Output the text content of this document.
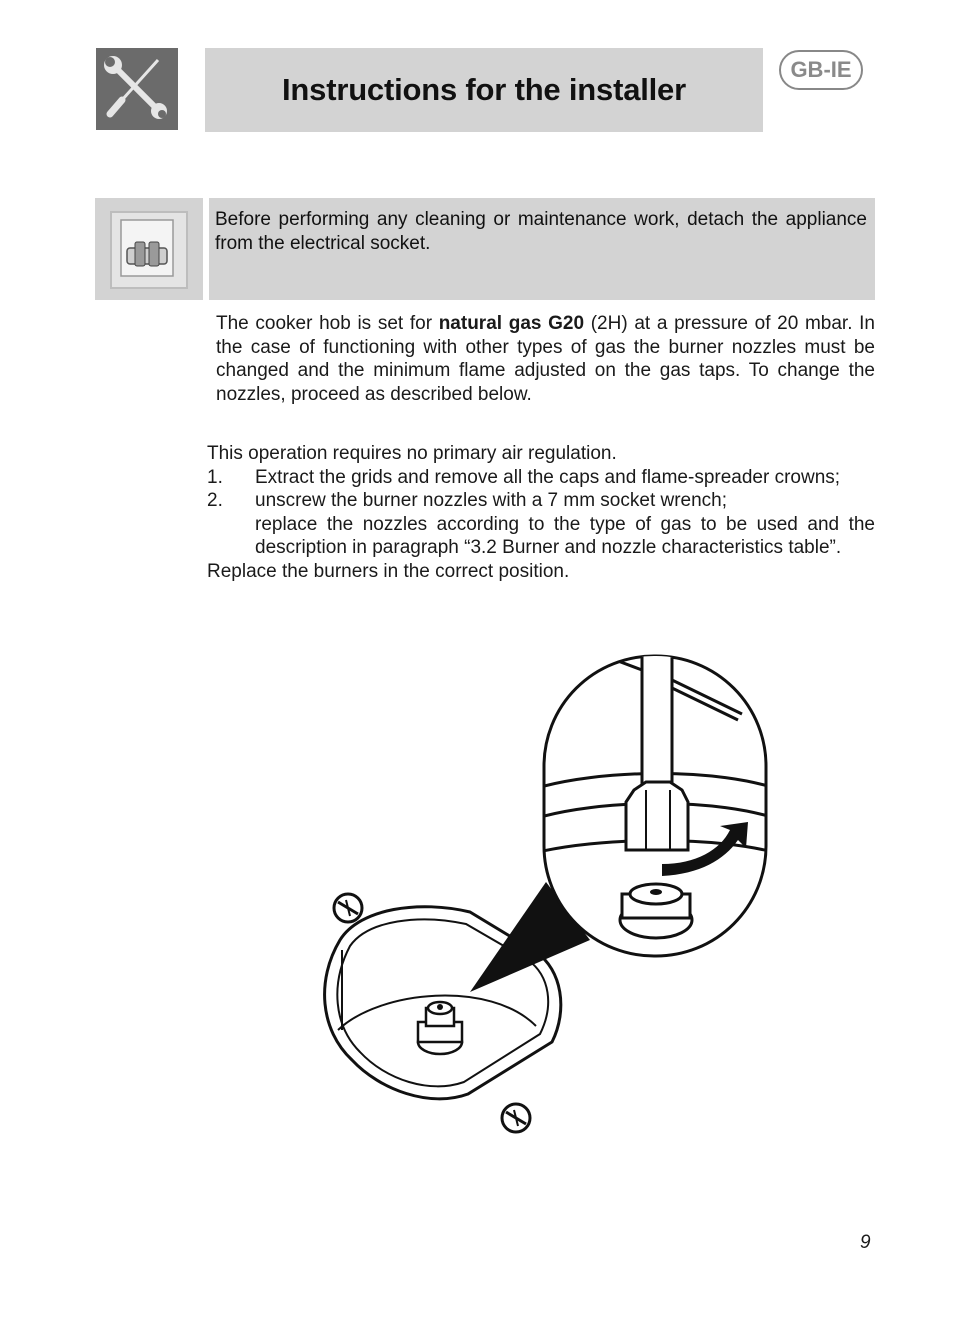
Instructions for the installer
GB-IE

Before performing any cleaning or maintenance work, detach the appliance from the electrical socket.

The cooker hob is set for natural gas G20 (2H) at a pressure of 20 mbar. In the case of functioning with other types of gas the burner nozzles must be changed and the minimum flame adjusted on the gas taps. To change the nozzles, proceed as described below.

This operation requires no primary air regulation.

1.	Extract the grids and remove all the caps and flame-spreader crowns;
2.	unscrew the burner nozzles with a 7 mm socket wrench;

replace the nozzles according to the type of gas to be used and the description in paragraph “3.2 Burner and nozzle characteristics table”.

Replace the burners in the correct position.

9
